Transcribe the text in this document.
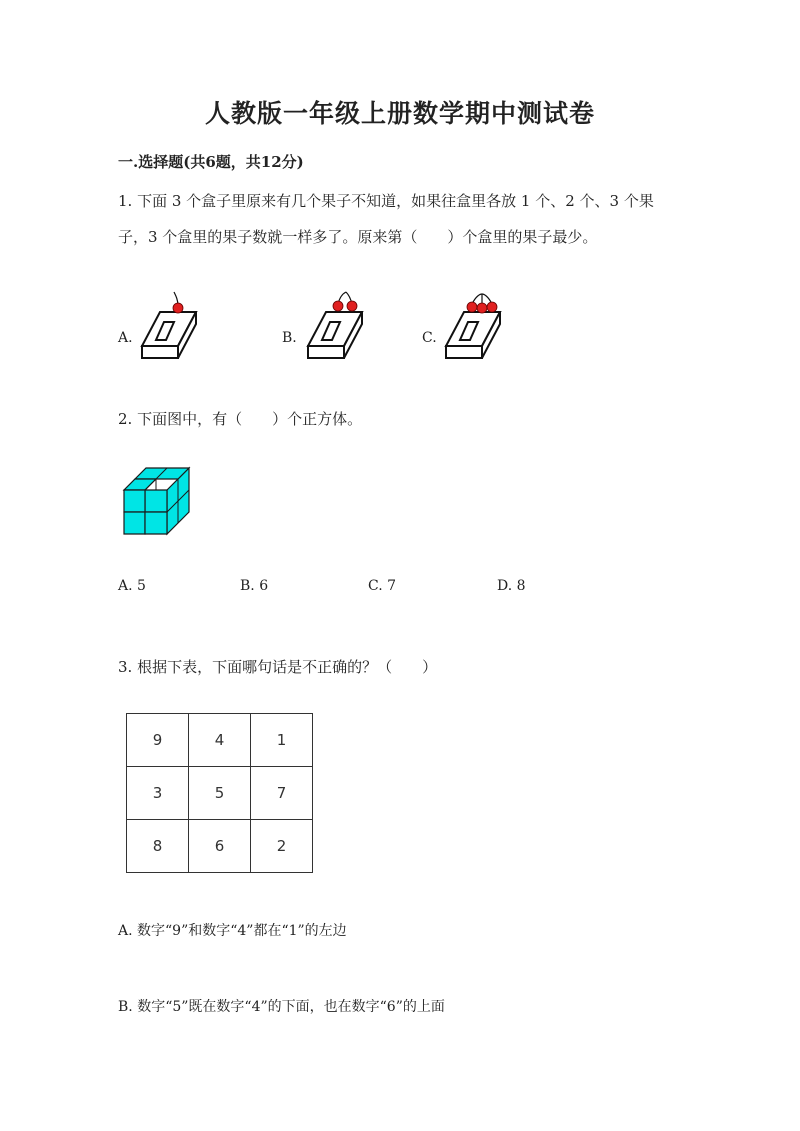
人教版一年级上册数学期中测试卷
一.选择题(共6题，共12分)
1. 下面 3 个盒子里原来有几个果子不知道，如果往盒里各放 1 个、2 个、3 个果
子，3 个盒里的果子数就一样多了。原来第（　　）个盒里的果子最少。
A.	B.	C.
2. 下面图中，有（　　）个正方体。
A. 5	B. 6	C. 7	D. 8
3. 根据下表，下面哪句话是不正确的？（　　）
9	4	1
3	5	7
8	6	2
A. 数字“9”和数字“4”都在“1”的左边
B. 数字“5”既在数字“4”的下面，也在数字“6”的上面
